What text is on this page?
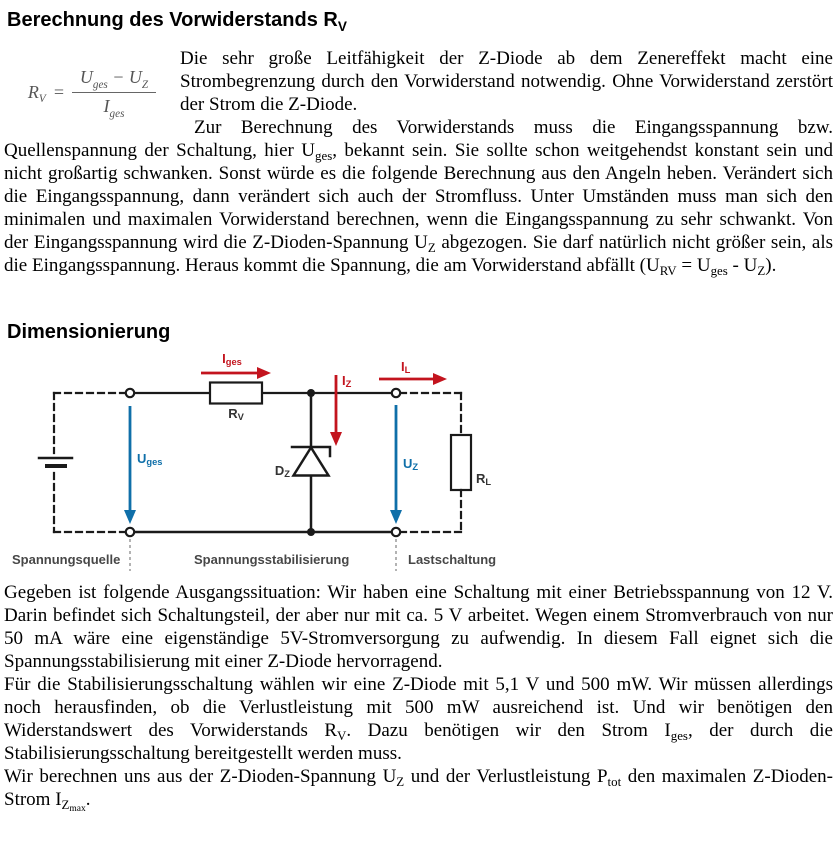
Berechnung des Vorwiderstands $R_V$
$R_V = \frac{U_{ges} - U_Z}{I_{ges}}$

Die sehr große Leitfähigkeit der Z-Diode ab dem Zenereffekt macht eine Strombegrenzung durch den Vorwiderstand notwendig. Ohne Vorwiderstand zerstört der Strom die Z-Diode.

Zur Berechnung des Vorwiderstands muss die Eingangsspannung bzw. Quellenspannung der Schaltung, hier $U_{ges}$, bekannt sein. Sie sollte schon weitgehendst konstant sein und nicht großartig schwanken. Sonst würde es die folgende Berechnung aus den Angeln heben. Verändert sich die Eingangsspannung, dann verändert sich auch der Stromfluss. Unter Umständen muss man sich den minimalen und maximalen Vorwiderstand berechnen, wenn die Eingangsspannung zu sehr schwankt. Von der Eingangsspannung wird die Z-Dioden-Spannung $U_Z$ abgezogen. Sie darf natürlich nicht größer sein, als die Eingangsspannung. Heraus kommt die Spannung, die am Vorwiderstand abfällt $(U_{RV} = U_{ges} - U_Z)$.

Dimensionierung
Iges
IZ
IL
Uges	UZ
RV
DZ	RL
Spannungsquelle	Spannungsstabilisierung	Lastschaltung

Gegeben ist folgende Ausgangssituation: Wir haben eine Schaltung mit einer Betriebsspannung von 12 V. Darin befindet sich Schaltungsteil, der aber nur mit ca. 5 V arbeitet. Wegen einem Stromverbrauch von nur 50 mA wäre eine eigenständige 5V-Stromversorgung zu aufwendig. In diesem Fall eignet sich die Spannungsstabilisierung mit einer Z-Diode hervorragend.

Für die Stabilisierungsschaltung wählen wir eine Z-Diode mit 5,1 V und 500 mW. Wir müssen allerdings noch herausfinden, ob die Verlustleistung mit 500 mW ausreichend ist. Und wir benötigen den Widerstandswert des Vorwiderstands $R_V$. Dazu benötigen wir den Strom $I_{ges}$, der durch die Stabilisierungsschaltung bereitgestellt werden muss.

Wir berechnen uns aus der Z-Dioden-Spannung $U_Z$ und der Verlustleistung $P_{tot}$ den maximalen Z-Dioden-Strom $I_{Zmax}$.
